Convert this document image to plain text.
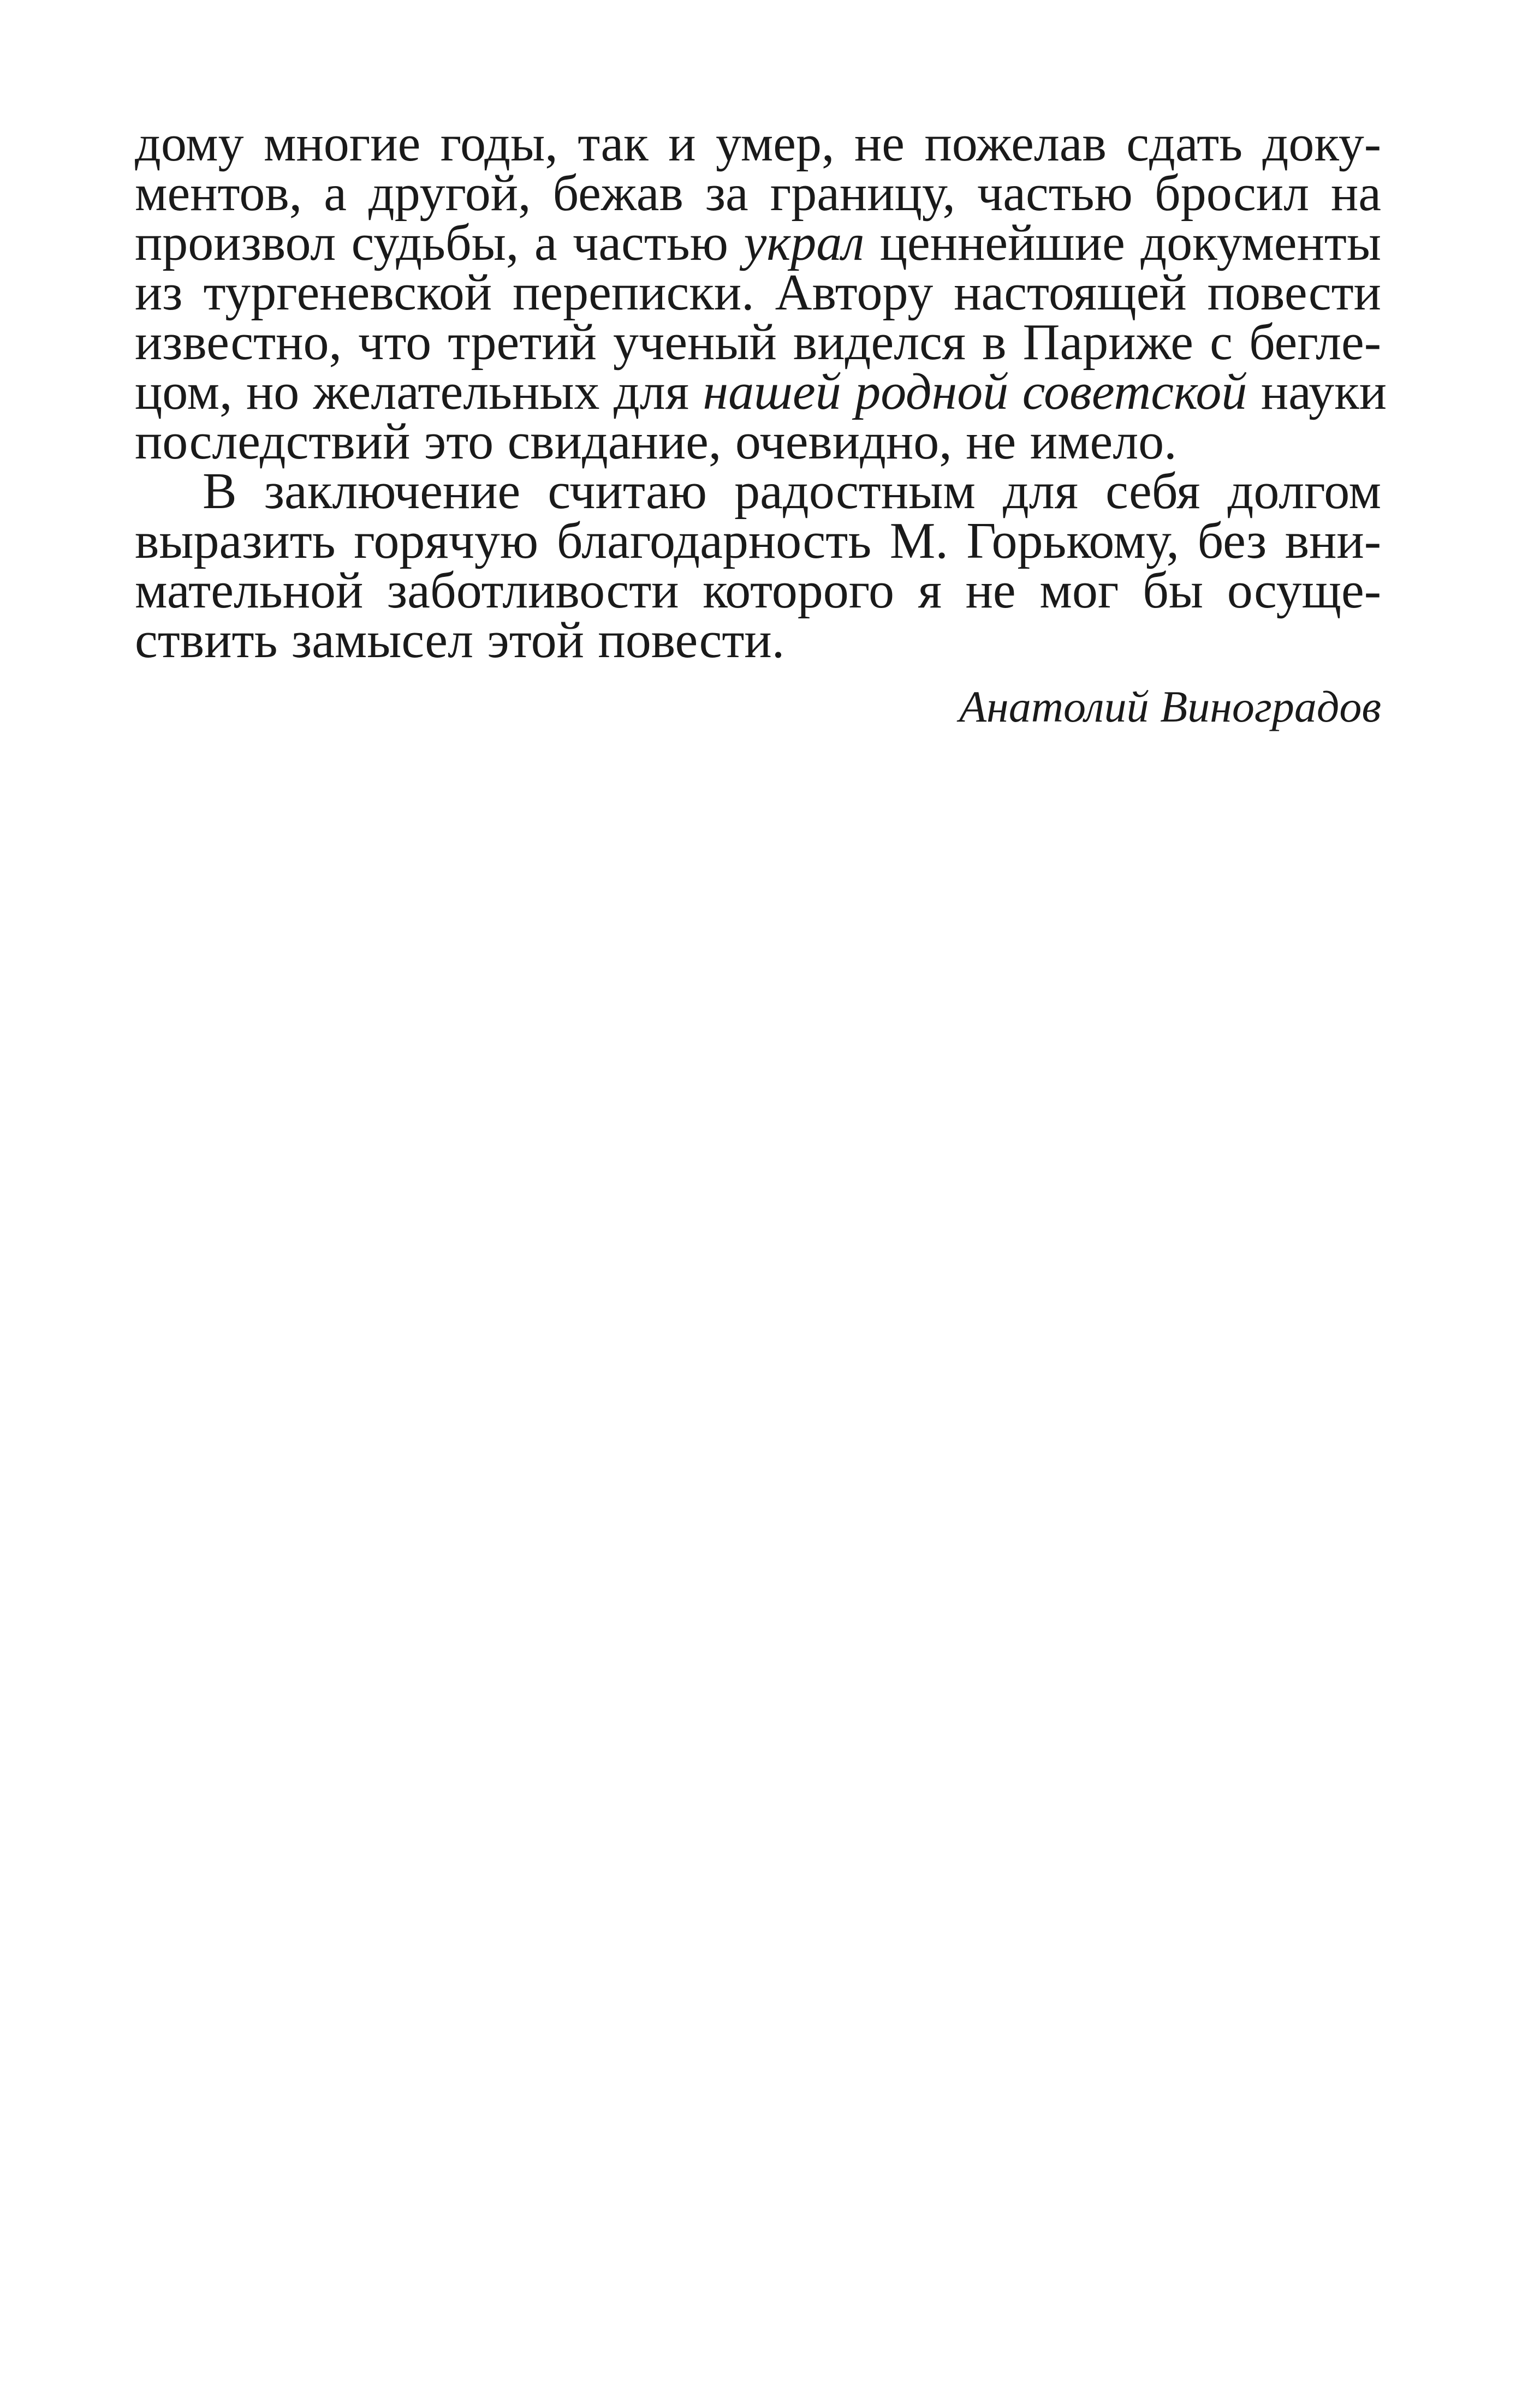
дому многие годы, так и умер, не пожелав сдать доку-
ментов, а другой, бежав за границу, частью бросил на
произвол судьбы, а частью украл ценнейшие документы
из тургеневской переписки. Автору настоящей повести
известно, что третий ученый виделся в Париже с бегле-
цом, но желательных для нашей родной советской науки
последствий это свидание, очевидно, не имело.
В заключение считаю радостным для себя долгом
выразить горячую благодарность М. Горькому, без вни-
мательной заботливости которого я не мог бы осуще-
ствить замысел этой повести.
Анатолий Виноградов
